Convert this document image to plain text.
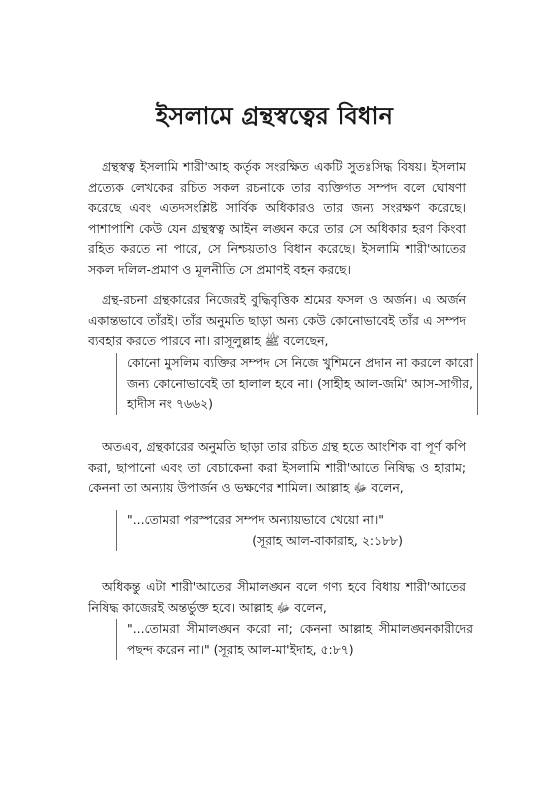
ইসলামে গ্রন্থস্বত্বের বিধান
গ্রন্থস্বত্ব ইসলামি শারী'আহ কর্তৃক সংরক্ষিত একটি সুতঃসিদ্ধ বিষয়। ইসলাম প্রত্যেক লেখকের রচিত সকল রচনাকে তার ব্যক্তিগত সম্পদ বলে ঘোষণা করেছে এবং এতদসংশ্লিষ্ট সার্বিক অধিকারও তার জন্য সংরক্ষণ করেছে। পাশাপাশি কেউ যেন গ্রন্থস্বত্ব আইন লঙ্ঘন করে তার সে অধিকার হরণ কিংবা রহিত করতে না পারে, সে নিশ্চয়তাও বিধান করেছে। ইসলামি শারী'আতের সকল দলিল-প্রমাণ ও মূলনীতি সে প্রমাণই বহন করছে।
গ্রন্থ-রচনা গ্রন্থকারের নিজেরই বুদ্ধিবৃত্তিক শ্রমের ফসল ও অর্জন। এ অর্জন একান্তভাবে তাঁরই। তাঁর অনুমতি ছাড়া অন্য কেউ কোনোভাবেই তাঁর এ সম্পদ ব্যবহার করতে পারবে না। রাসূলুল্লাহ ﷺ বলেছেন,
কোনো মুসলিম ব্যক্তির সম্পদ সে নিজে খুশিমনে প্রদান না করলে কারো জন্য কোনোভাবেই তা হালাল হবে না। (সাহীহ আল-জমি' আস-সাগীর, হাদীস নং ৭৬৬২)
অতএব, গ্রন্থকারের অনুমতি ছাড়া তার রচিত গ্রন্থ হতে আংশিক বা পূর্ণ কপি করা, ছাপানো এবং তা বেচাকেনা করা ইসলামি শারী'আতে নিষিদ্ধ ও হারাম; কেননা তা অন্যায় উপার্জন ও ভক্ষণের শামিল। আল্লাহ ﷻ বলেন,
"...তোমরা পরস্পরের সম্পদ অন্যায়ভাবে খেয়ো না।"
(সূরাহ আল-বাকারাহ, ২:১৮৮)
অধিকন্তু এটা শারী'আতের সীমালঙ্ঘন বলে গণ্য হবে বিধায় শারী'আতের নিষিদ্ধ কাজেরই অন্তর্ভুক্ত হবে। আল্লাহ ﷻ বলেন,
"...তোমরা সীমালঙ্ঘন করো না; কেননা আল্লাহ সীমালঙ্ঘনকারীদের পছন্দ করেন না।" (সূরাহ আল-মা'ইদাহ, ৫:৮৭)
